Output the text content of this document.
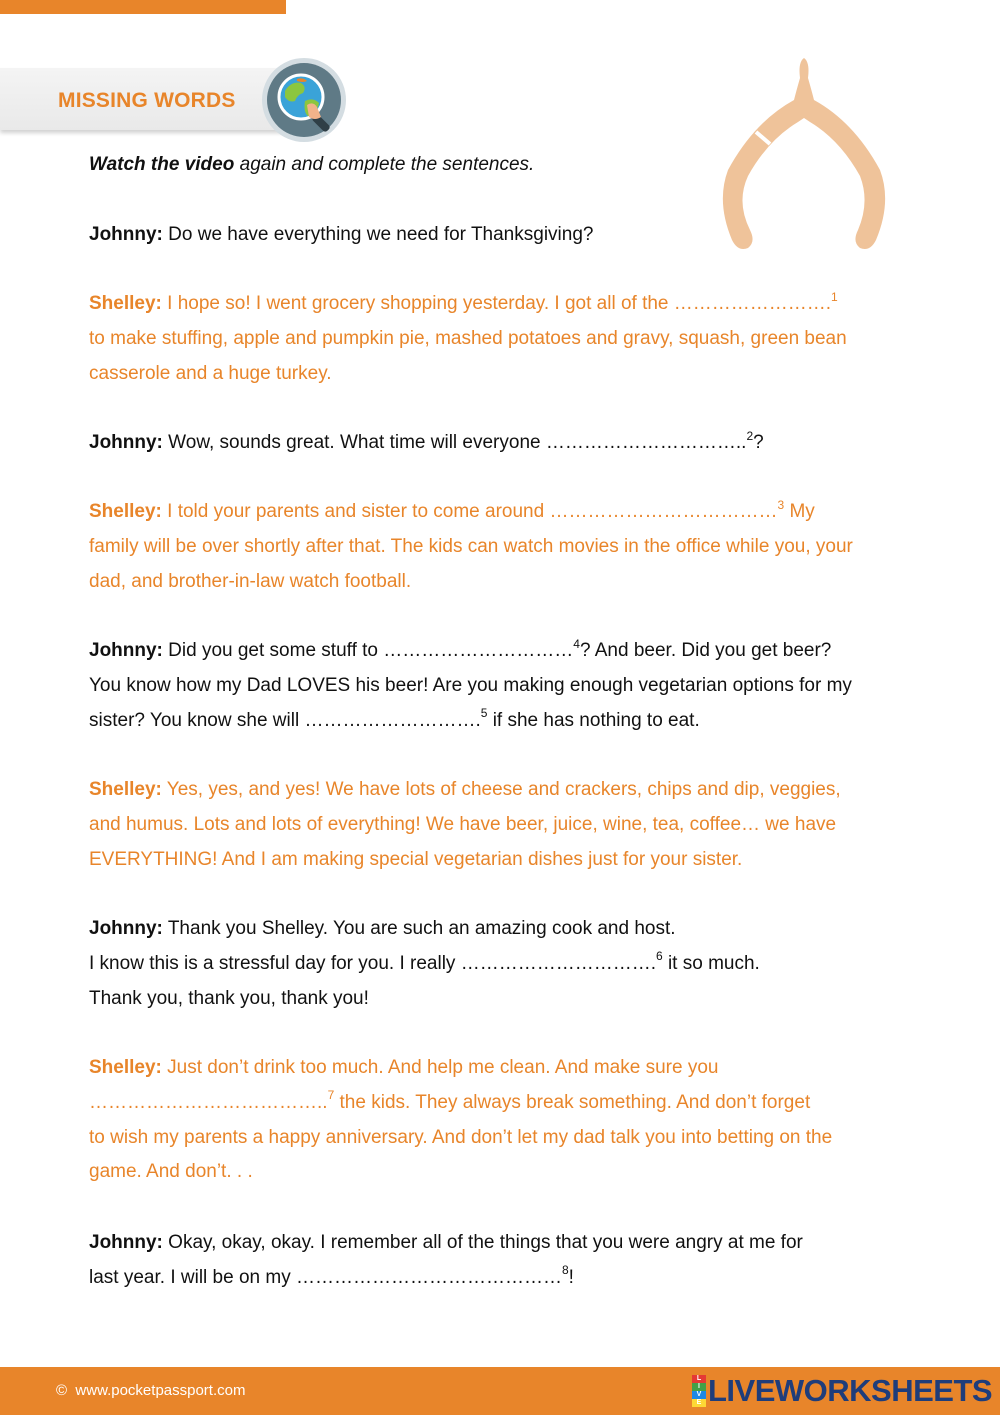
MISSING WORDS
Watch the video again and complete the sentences.
Johnny: Do we have everything we need for Thanksgiving?
Shelley: I hope so! I went grocery shopping yesterday. I got all of the …………………….$^1$
to make stuffing, apple and pumpkin pie, mashed potatoes and gravy, squash, green bean
casserole and a huge turkey.
Johnny: Wow, sounds great. What time will everyone …………………………..$^2$?
Shelley: I told your parents and sister to come around ………………………………$^3$ My
family will be over shortly after that. The kids can watch movies in the office while you, your
dad, and brother-in-law watch football.
Johnny: Did you get some stuff to …………………………$^4$? And beer. Did you get beer?
You know how my Dad LOVES his beer! Are you making enough vegetarian options for my
sister? You know she will ……………………….$^5$ if she has nothing to eat.
Shelley: Yes, yes, and yes! We have lots of cheese and crackers, chips and dip, veggies,
and humus. Lots and lots of everything! We have beer, juice, wine, tea, coffee… we have
EVERYTHING! And I am making special vegetarian dishes just for your sister.
Johnny: Thank you Shelley. You are such an amazing cook and host.
I know this is a stressful day for you. I really ………………………….$^6$ it so much.
Thank you, thank you, thank you!
Shelley: Just don’t drink too much. And help me clean. And make sure you
………………………………..$^7$ the kids. They always break something. And don’t forget
to wish my parents a happy anniversary. And don’t let my dad talk you into betting on the
game. And don’t. . .
Johnny: Okay, okay, okay. I remember all of the things that you were angry at me for
last year. I will be on my ……………………………………$^8$!
© www.pocketpassport.com
L
I
V
E LIVEWORKSHEETS
